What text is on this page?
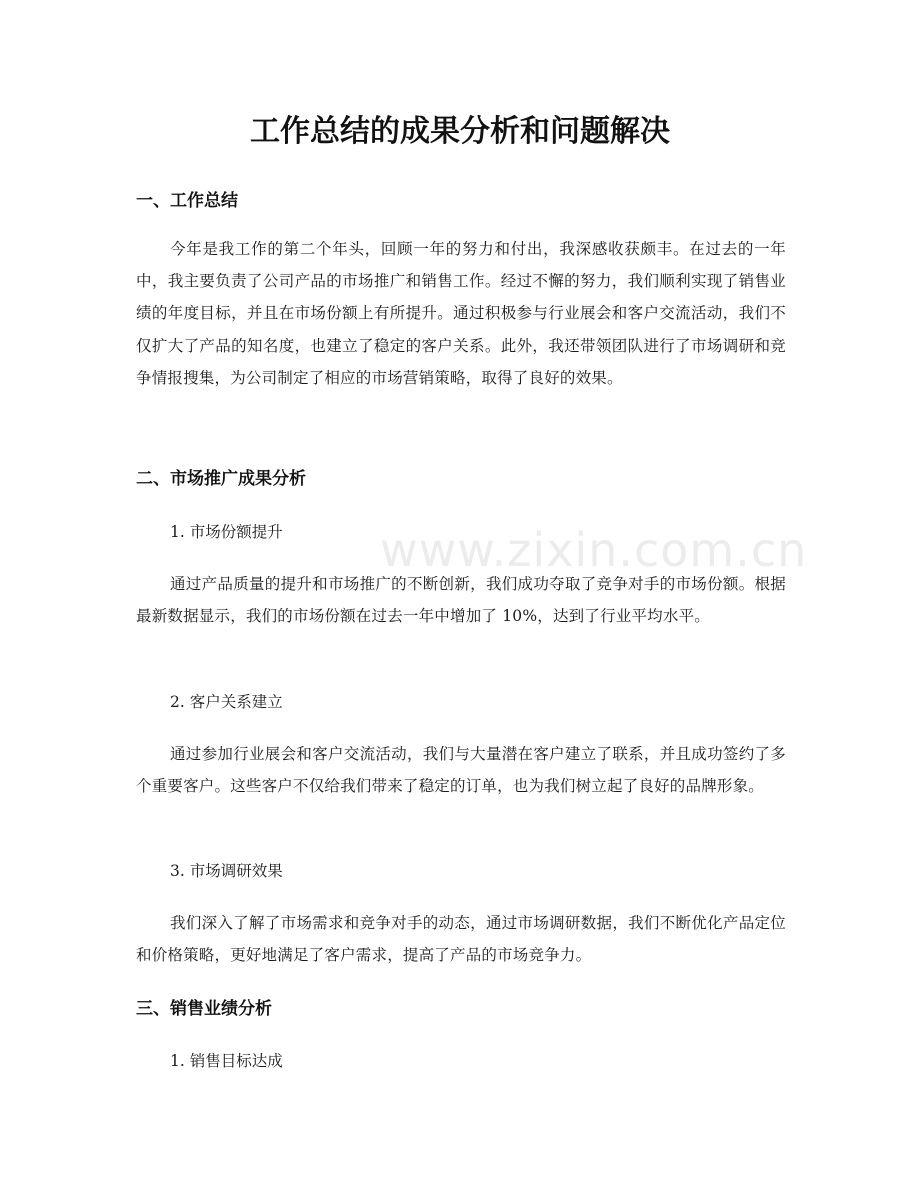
www.zixin.com.cn
工作总结的成果分析和问题解决
一、工作总结

今年是我工作的第二个年头，回顾一年的努力和付出，我深感收获颇丰。在过去的一年中，我主要负责了公司产品的市场推广和销售工作。经过不懈的努力，我们顺利实现了销售业绩的年度目标，并且在市场份额上有所提升。通过积极参与行业展会和客户交流活动，我们不仅扩大了产品的知名度，也建立了稳定的客户关系。此外，我还带领团队进行了市场调研和竞争情报搜集，为公司制定了相应的市场营销策略，取得了良好的效果。

二、市场推广成果分析

1. 市场份额提升

通过产品质量的提升和市场推广的不断创新，我们成功夺取了竞争对手的市场份额。根据最新数据显示，我们的市场份额在过去一年中增加了 10%，达到了行业平均水平。

2. 客户关系建立

通过参加行业展会和客户交流活动，我们与大量潜在客户建立了联系，并且成功签约了多个重要客户。这些客户不仅给我们带来了稳定的订单，也为我们树立起了良好的品牌形象。

3. 市场调研效果

我们深入了解了市场需求和竞争对手的动态，通过市场调研数据，我们不断优化产品定位和价格策略，更好地满足了客户需求，提高了产品的市场竞争力。

三、销售业绩分析

1. 销售目标达成
